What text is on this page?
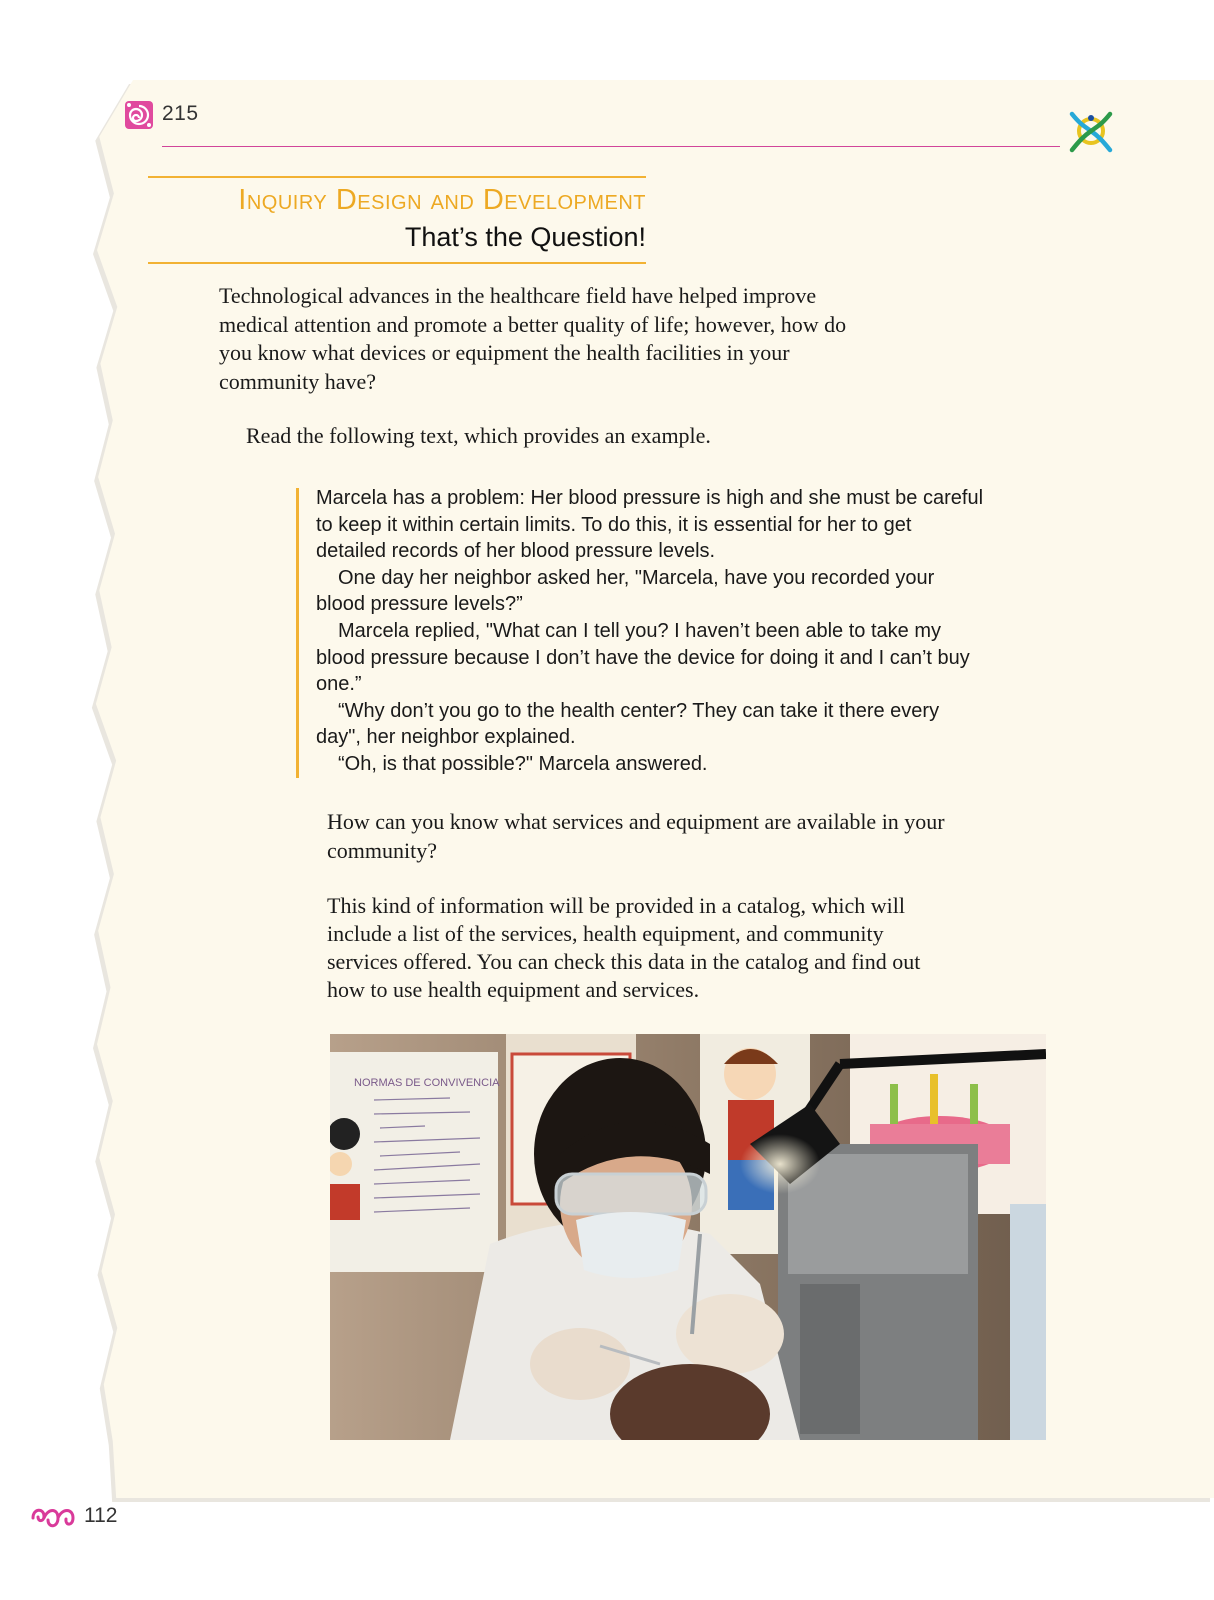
215
Inquiry Design and Development
That’s the Question!
Technological advances in the healthcare field have helped improve medical attention and promote a better quality of life; however, how do you know what devices or equipment the health facilities in your community have?
Read the following text, which provides an example.

Marcela has a problem: Her blood pressure is high and she must be careful to keep it within certain limits. To do this, it is essential for her to get detailed records of her blood pressure levels.

One day her neighbor asked her, "Marcela, have you recorded your blood pressure levels?”

Marcela replied, "What can I tell you? I haven’t been able to take my blood pressure because I don’t have the device for doing it and I can’t buy one.”

“Why don’t you go to the health center? They can take it there every day", her neighbor explained.

“Oh, is that possible?" Marcela answered.

How can you know what services and equipment are available in your community?
This kind of information will be provided in a catalog, which will include a list of the services, health equipment, and community services offered. You can check this data in the catalog and find out how to use health equipment and services.
NORMAS DE CONVIVENCIA
112
